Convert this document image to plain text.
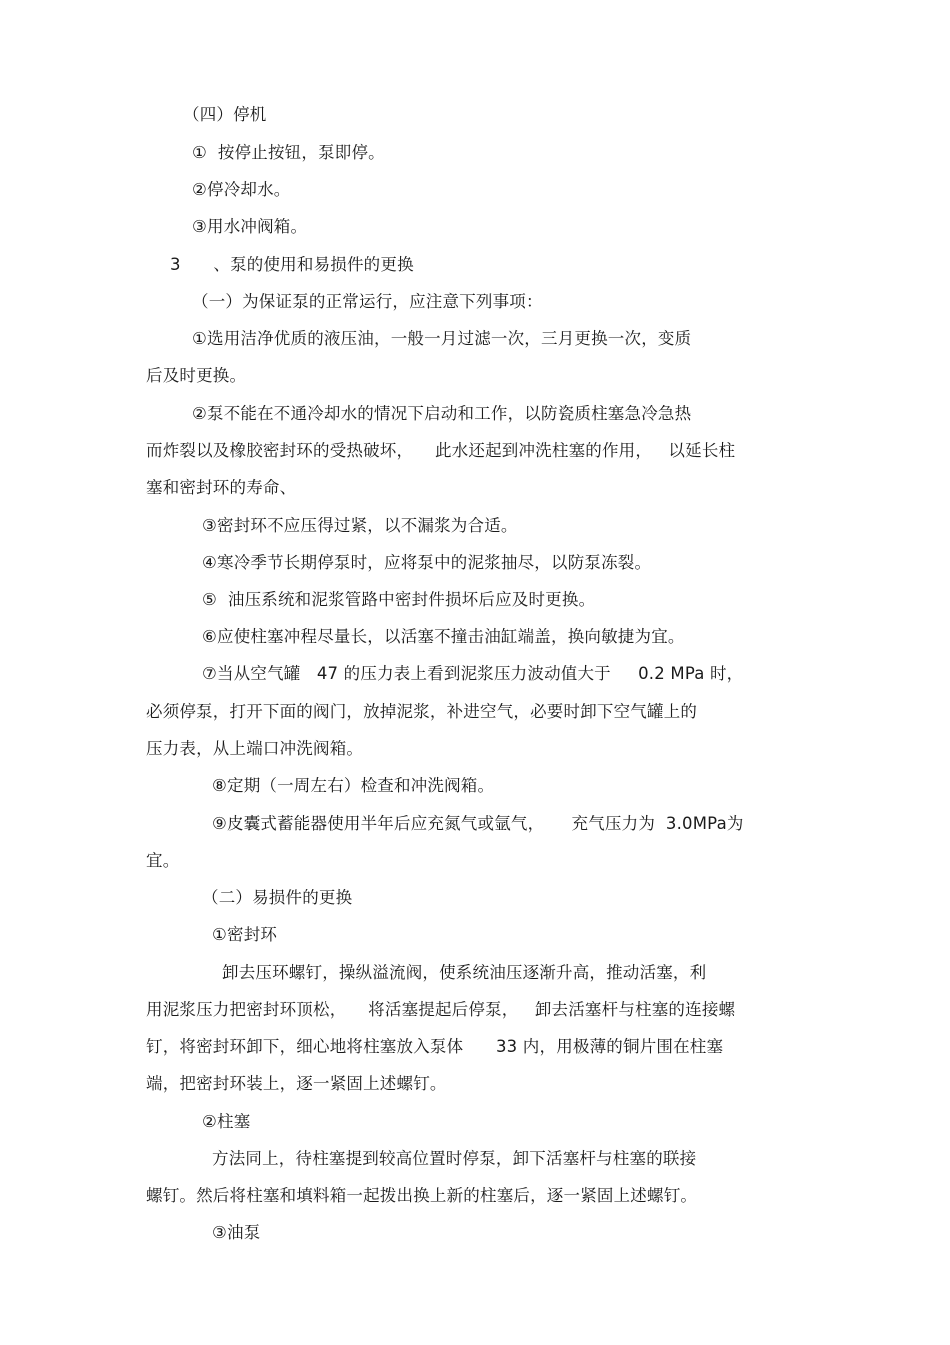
（四）停机
①  按停止按钮，泵即停。
②停冷却水。
③用水冲阀箱。
3      、泵的使用和易损件的更换
（一）为保证泵的正常运行，应注意下列事项：
①选用洁净优质的液压油，一般一月过滤一次，三月更换一次，变质
后及时更换。
②泵不能在不通冷却水的情况下启动和工作，以防瓷质柱塞急冷急热
而炸裂以及橡胶密封环的受热破坏，    此水还起到冲洗柱塞的作用，   以延长柱
塞和密封环的寿命、
③密封环不应压得过紧，以不漏浆为合适。
④寒冷季节长期停泵时，应将泵中的泥浆抽尽，以防泵冻裂。
⑤  油压系统和泥浆管路中密封件损坏后应及时更换。
⑥应使柱塞冲程尽量长，以活塞不撞击油缸端盖，换向敏捷为宜。
⑦当从空气罐   47 的压力表上看到泥浆压力波动值大于     0.2 MPa 时，
必须停泵，打开下面的阀门，放掉泥浆，补进空气，必要时卸下空气罐上的
压力表，从上端口冲洗阀箱。
⑧定期（一周左右）检查和冲洗阀箱。
⑨皮囊式蓄能器使用半年后应充氮气或氩气，     充气压力为  3.0MPa为
宜。
（二）易损件的更换
①密封环
卸去压环螺钉，操纵溢流阀，使系统油压逐渐升高，推动活塞，利
用泥浆压力把密封环顶松，    将活塞提起后停泵，   卸去活塞杆与柱塞的连接螺
钉，将密封环卸下，细心地将柱塞放入泵体      33 内，用极薄的铜片围在柱塞
端，把密封环装上，逐一紧固上述螺钉。
②柱塞
方法同上，待柱塞提到较高位置时停泵，卸下活塞杆与柱塞的联接
螺钉。然后将柱塞和填料箱一起拨出换上新的柱塞后，逐一紧固上述螺钉。
③油泵
